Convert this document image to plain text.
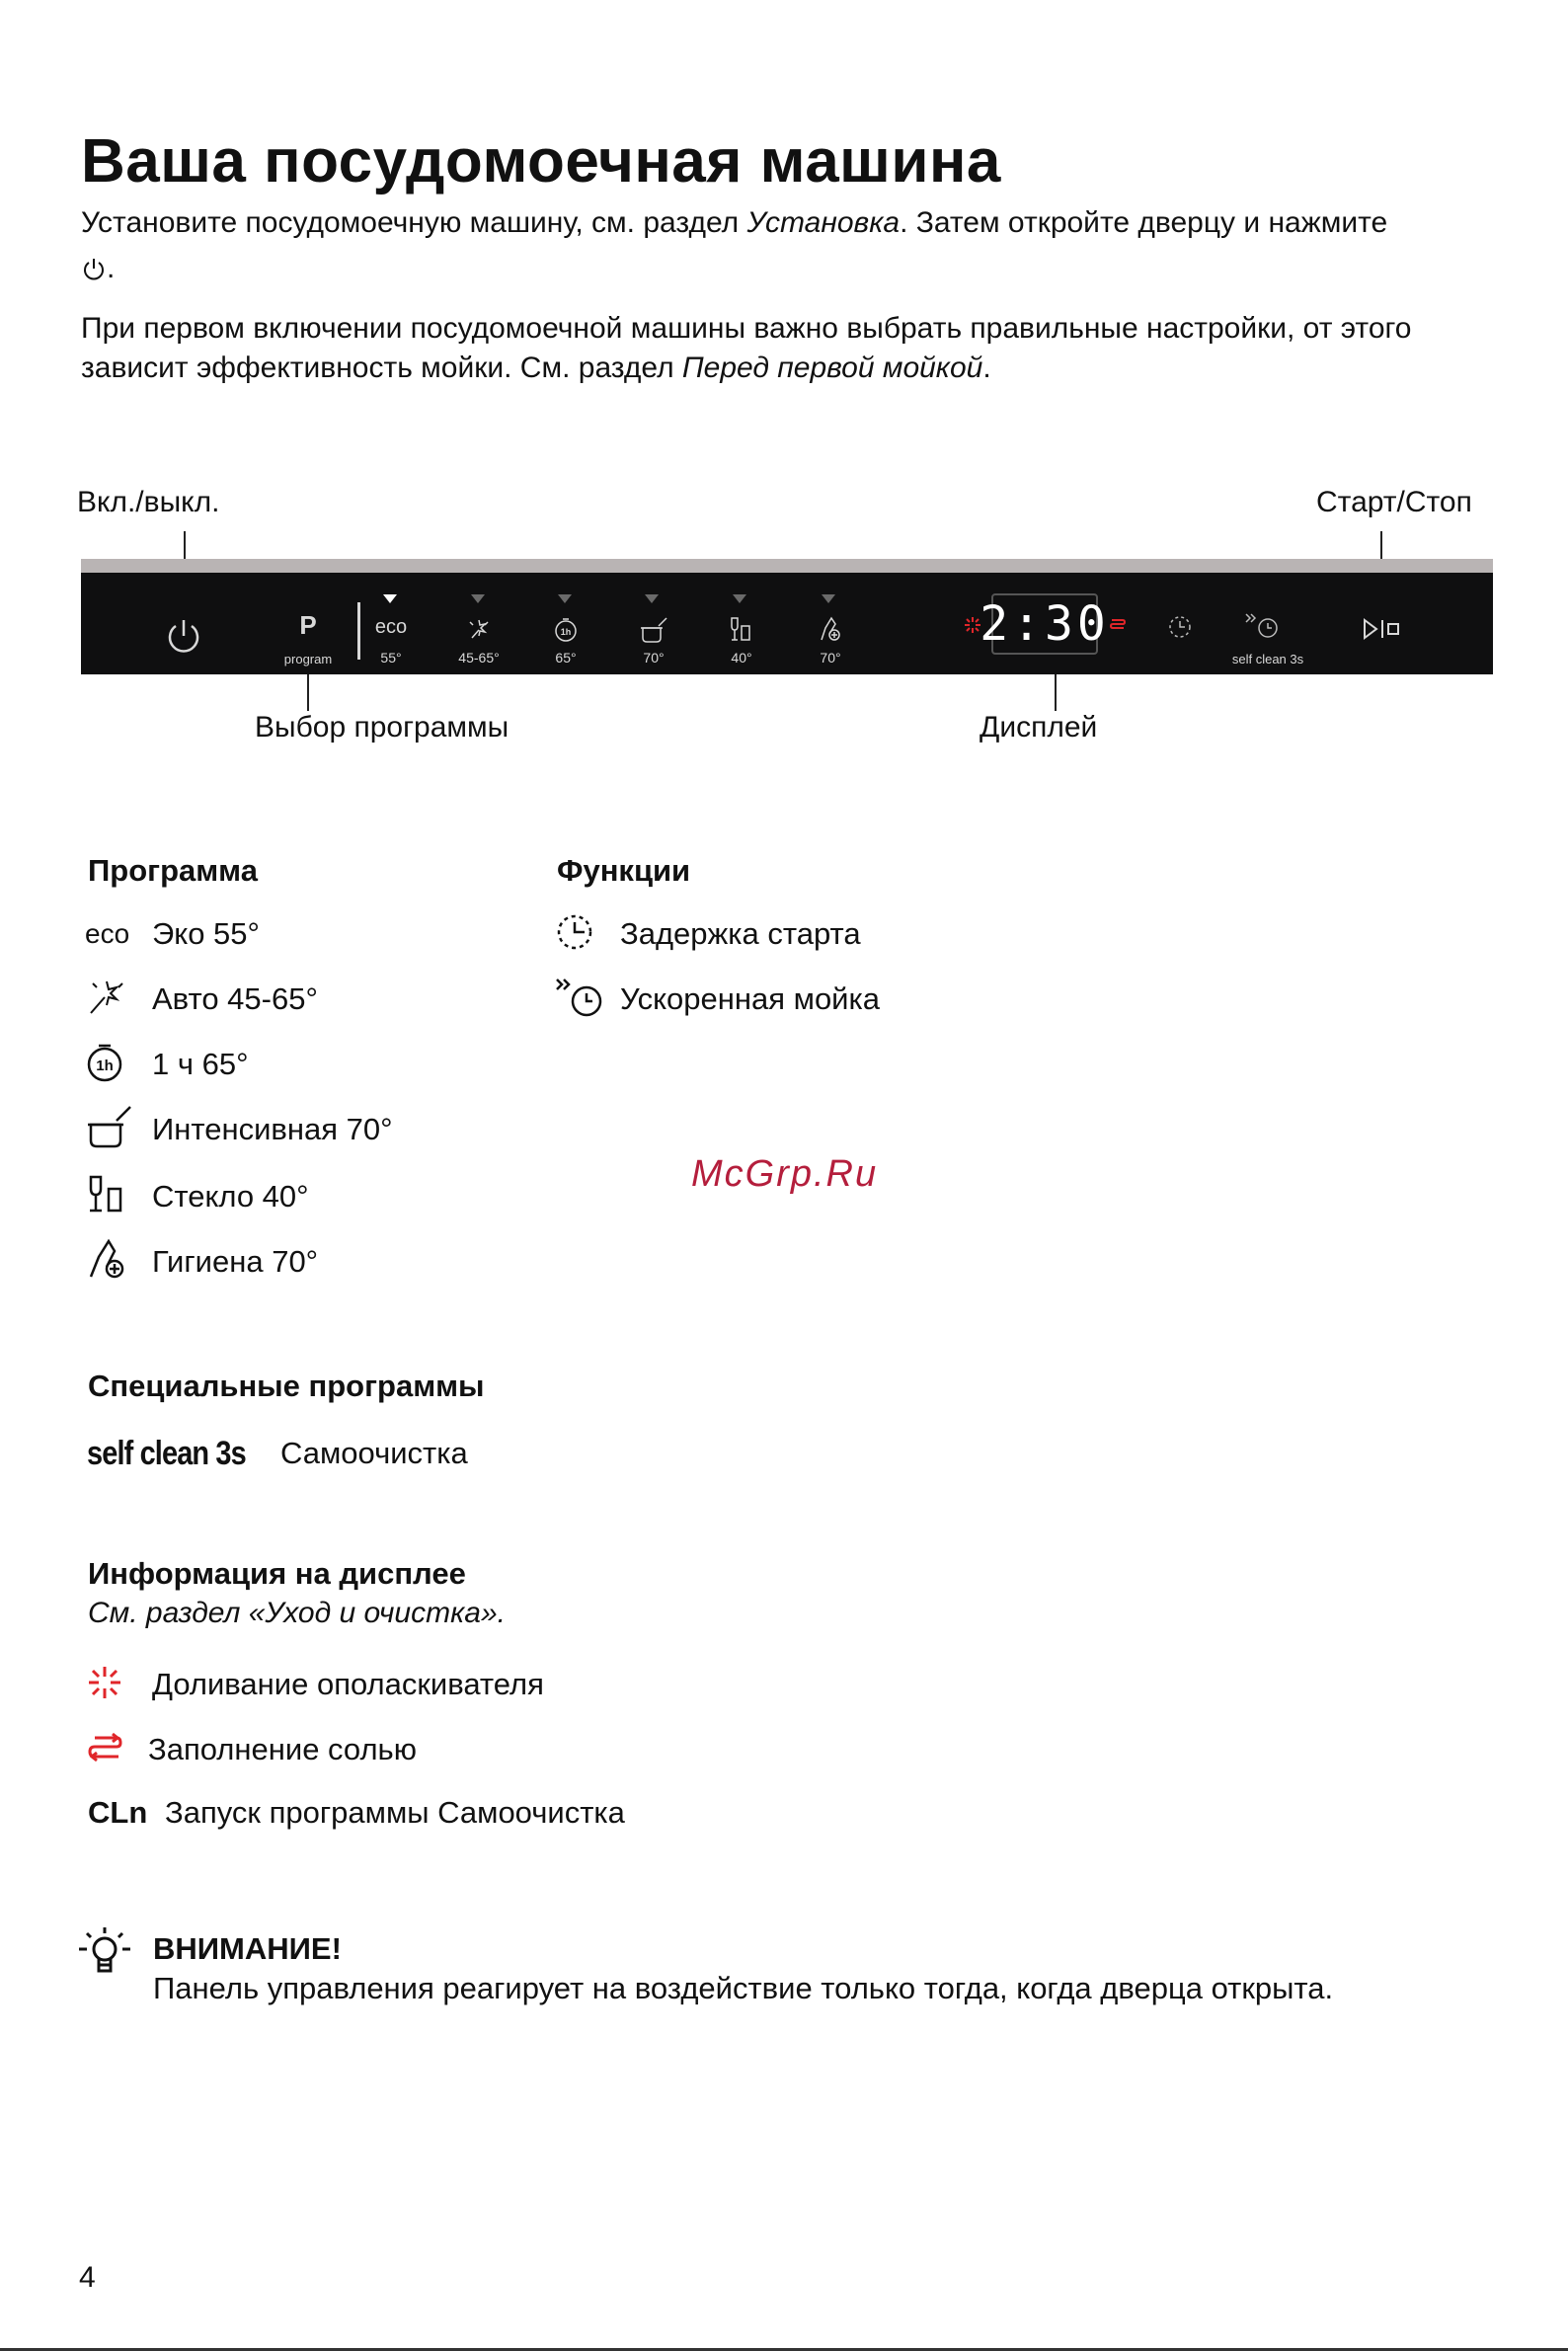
Ваша посудомоечная машина
Установите посудомоечную машину, см. раздел Установка. Затем откройте дверцу и нажмите
.
При первом включении посудомоечной машины важно выбрать правильные настройки, от этого
зависит эффективность мойки. См. раздел Перед первой мойкой.
Вкл./выкл.	Старт/Стоп
Выбор программы	Дисплей
P
program
eco
55°	45-65°
1h
65°	70°	40°	70°
2:30
self clean 3s
Программа
eco Эко 55°
Авто 45-65°
1h 1 ч 65°
Интенсивная 70°
Стекло 40°
Гигиена 70°
Функции
Задержка старта
Ускоренная мойка
McGrp.Ru
Специальные программы
self clean 3s Самоочистка
Информация на дисплее
См. раздел «Уход и очистка».
Доливание ополаскивателя
Заполнение солью
CLn Запуск программы Самоочистка
ВНИМАНИЕ!
Панель управления реагирует на воздействие только тогда, когда дверца открыта.
4
